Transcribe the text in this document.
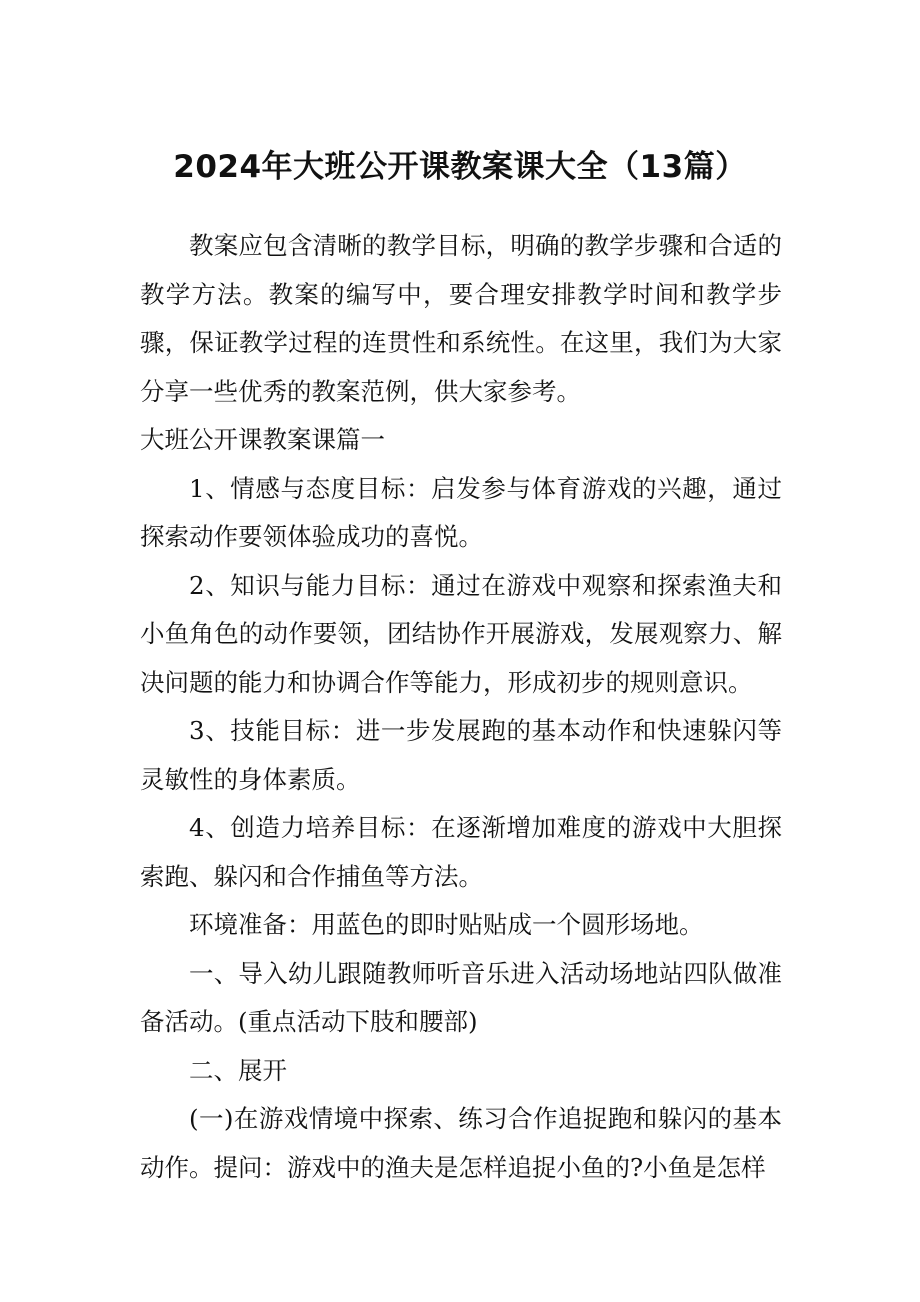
2024年大班公开课教案课大全（13篇）

教案应包含清晰的教学目标，明确的教学步骤和合适的教学方法。教案的编写中，要合理安排教学时间和教学步骤，保证教学过程的连贯性和系统性。在这里，我们为大家分享一些优秀的教案范例，供大家参考。

大班公开课教案课篇一

1、情感与态度目标：启发参与体育游戏的兴趣，通过探索动作要领体验成功的喜悦。

2、知识与能力目标：通过在游戏中观察和探索渔夫和小鱼角色的动作要领，团结协作开展游戏，发展观察力、解决问题的能力和协调合作等能力，形成初步的规则意识。

3、技能目标：进一步发展跑的基本动作和快速躲闪等灵敏性的身体素质。

4、创造力培养目标：在逐渐增加难度的游戏中大胆探索跑、躲闪和合作捕鱼等方法。

环境准备：用蓝色的即时贴贴成一个圆形场地。

一、导入幼儿跟随教师听音乐进入活动场地站四队做准备活动。(重点活动下肢和腰部)

二、展开

(一)在游戏情境中探索、练习合作追捉跑和躲闪的基本动作。提问：游戏中的渔夫是怎样追捉小鱼的?小鱼是怎样
